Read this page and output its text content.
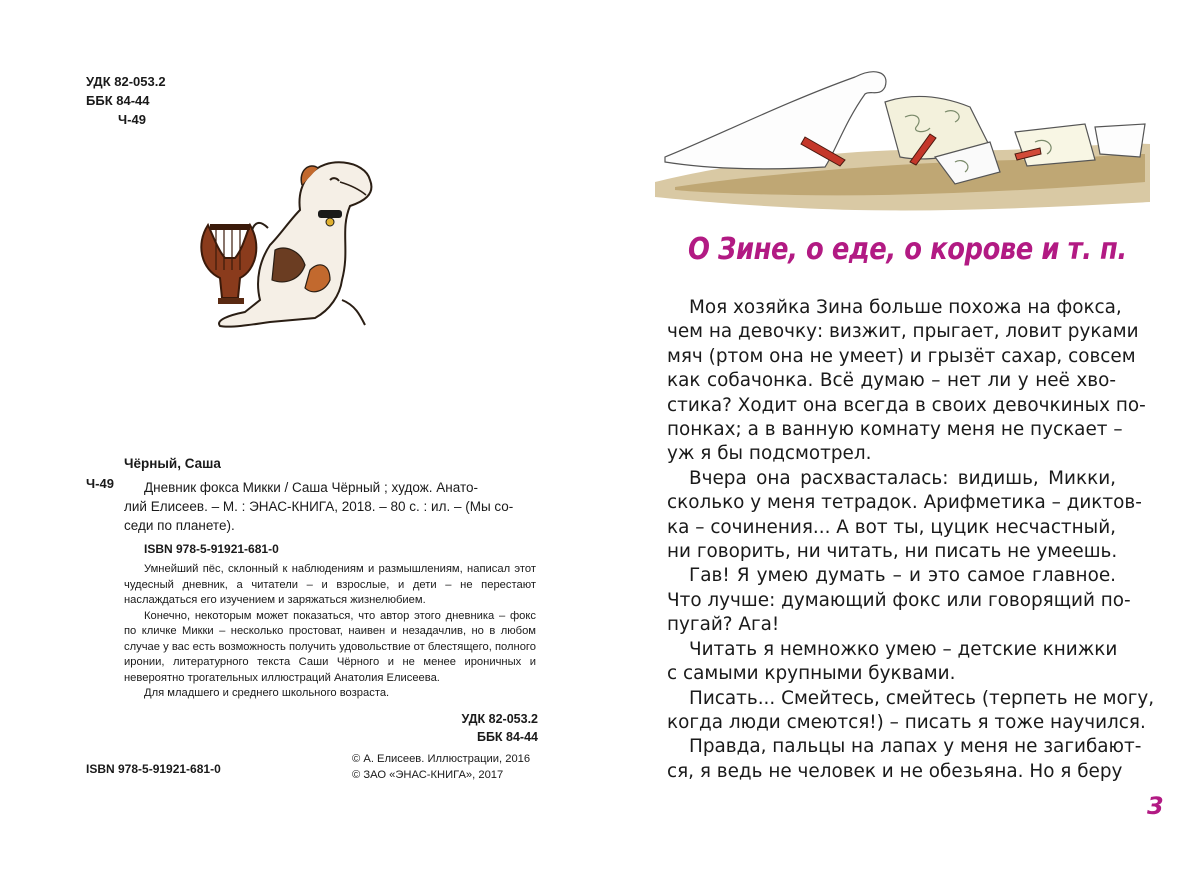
УДК 82-053.2
ББК 84-44
Ч-49
Чёрный, Саша
Ч-49	Дневник фокса Микки / Саша Чёрный ; худож. Анато-
лий Елисеев. – М. : ЭНАС-КНИГА, 2018. – 80 с. : ил. – (Мы со-
седи по планете).
ISBN 978-5-91921-681-0

Умнейший пёс, склонный к наблюдениям и размышлениям, написал этот чудесный дневник, а читатели – и взрослые, и дети – не перестают наслаждаться его изучением и заряжаться жизнелюбием.

Конечно, некоторым может показаться, что автор этого дневника – фокс по кличке Микки – несколько простоват, наивен и незадачлив, но в любом случае у вас есть возможность получить удовольствие от блестящего, полного иронии, литературного текста Саши Чёрного и не менее ироничных и невероятно трогательных иллюстраций Анатолия Елисеева.

Для младшего и среднего школьного возраста.

УДК 82-053.2
ББК 84-44
© А. Елисеев. Иллюстрации, 2016
© ЗАО «ЭНАС-КНИГА», 2017
ISBN 978-5-91921-681-0
О Зине, о еде, о корове и т. п.
Моя хозяйка Зина больше похожа на фокса,
чем на девочку: визжит, прыгает, ловит руками
мяч (ртом она не умеет) и грызёт сахар, совсем
как собачонка. Всё думаю – нет ли у неё хво-
стика? Ходит она всегда в своих девочкиных по-
понках; а в ванную комнату меня не пускает –
уж я бы подсмотрел.
Вчера она расхвасталась: видишь, Микки,
сколько у меня тетрадок. Арифметика – диктов-
ка – сочинения... А вот ты, цуцик несчастный,
ни говорить, ни читать, ни писать не умеешь.
Гав! Я умею думать – и это самое главное.
Что лучше: думающий фокс или говорящий по-
пугай? Ага!
Читать я немножко умею – детские книжки
с самыми крупными буквами.
Писать... Смейтесь, смейтесь (терпеть не могу,
когда люди смеются!) – писать я тоже научился.
Правда, пальцы на лапах у меня не загибают-
ся, я ведь не человек и не обезьяна. Но я беру
3
